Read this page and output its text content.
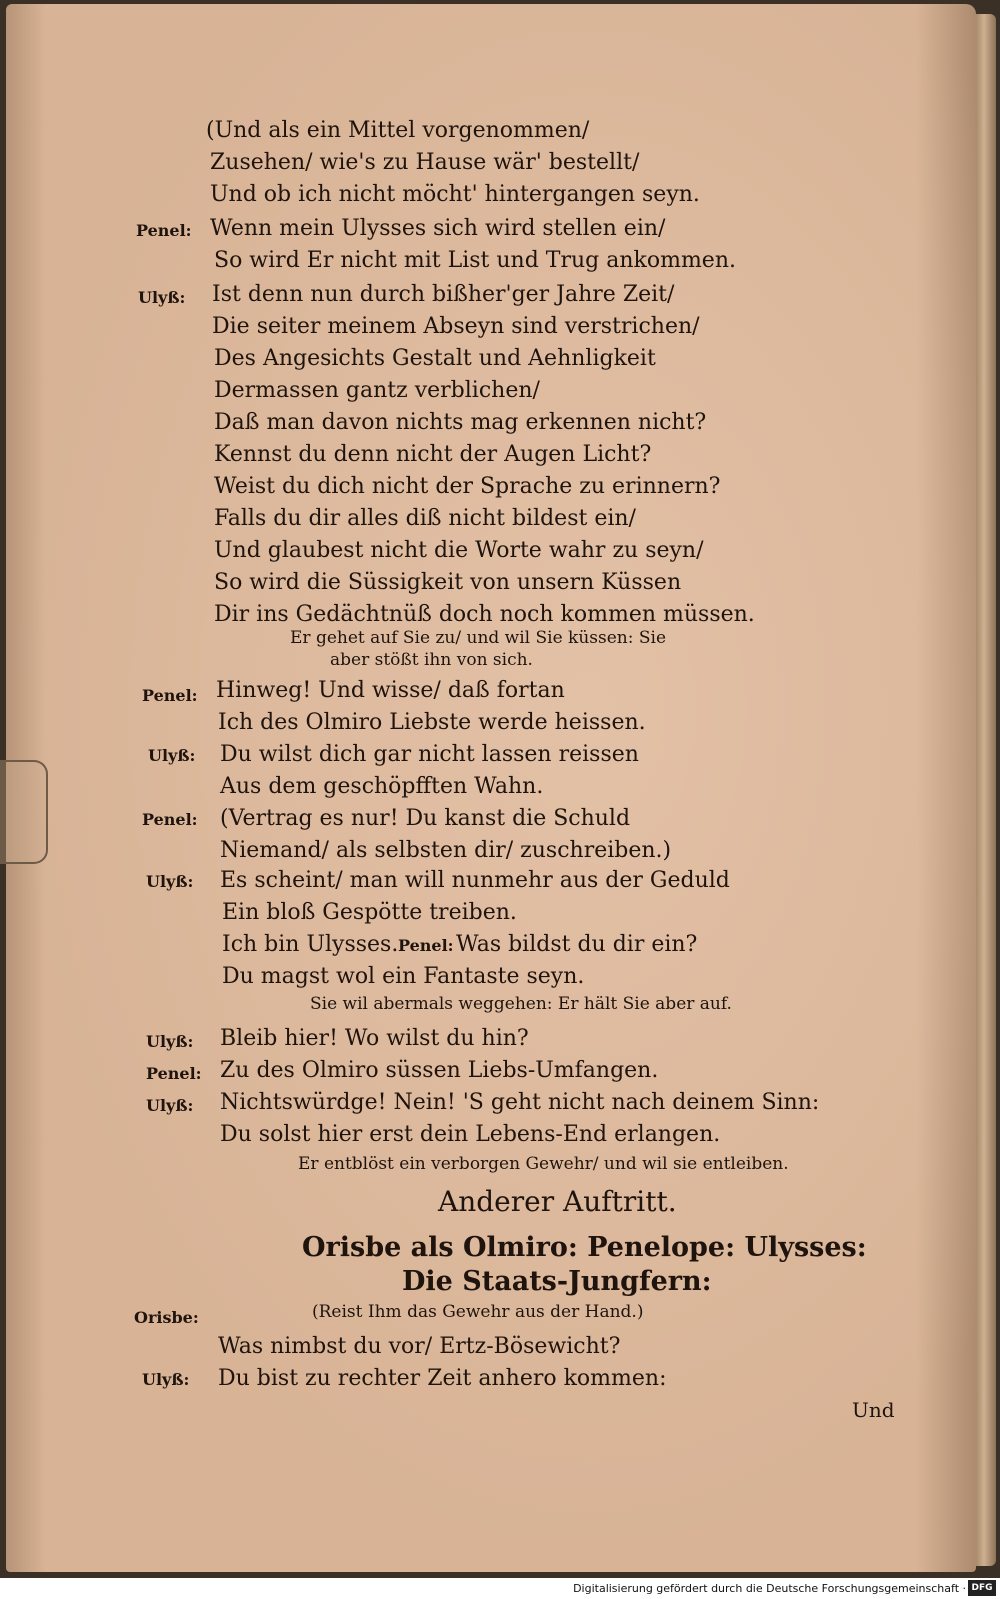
(Und als ein Mittel vorgenommen/
Zusehen/ wie's zu Hause wär' bestellt/
Und ob ich nicht möcht' hintergangen seyn.
Penel: Wenn mein Ulysses sich wird stellen ein/
So wird Er nicht mit List und Trug ankommen.
Ulyß: Ist denn nun durch bißher'ger Jahre Zeit/
Die seiter meinem Abseyn sind verstrichen/
Des Angesichts Gestalt und Aehnligkeit
Dermassen gantz verblichen/
Daß man davon nichts mag erkennen nicht?
Kennst du denn nicht der Augen Licht?
Weist du dich nicht der Sprache zu erinnern?
Falls du dir alles diß nicht bildest ein/
Und glaubest nicht die Worte wahr zu seyn/
So wird die Süssigkeit von unsern Küssen
Dir ins Gedächtnüß doch noch kommen müssen.
Er gehet auf Sie zu/ und wil Sie küssen: Sie
aber stößt ihn von sich.
Penel: Hinweg! Und wisse/ daß fortan
Ich des Olmiro Liebste werde heissen.
Ulyß: Du wilst dich gar nicht lassen reissen
Aus dem geschöpfften Wahn.
Penel: (Vertrag es nur! Du kanst die Schuld
Niemand/ als selbsten dir/ zuschreiben.)
Ulyß: Es scheint/ man will nunmehr aus der Geduld
Ein bloß Gespötte treiben.
Ich bin Ulysses. Penel: Was bildst du dir ein?
Du magst wol ein Fantaste seyn.
Sie wil abermals weggehen: Er hält Sie aber auf.
Ulyß: Bleib hier! Wo wilst du hin?
Penel: Zu des Olmiro süssen Liebs-Umfangen.
Ulyß: Nichtswürdge! Nein! 'S geht nicht nach deinem Sinn:
Du solst hier erst dein Lebens-End erlangen.
Er entblöst ein verborgen Gewehr/ und wil sie entleiben.
Anderer Auftritt.
Orisbe als Olmiro: Penelope: Ulysses:
Die Staats-Jungfern:
Orisbe:	(Reist Ihm das Gewehr aus der Hand.)
Was nimbst du vor/ Ertz-Bösewicht?
Ulyß: Du bist zu rechter Zeit anhero kommen:
Und
Digitalisierung gefördert durch die Deutsche Forschungsgemeinschaft · DFG
